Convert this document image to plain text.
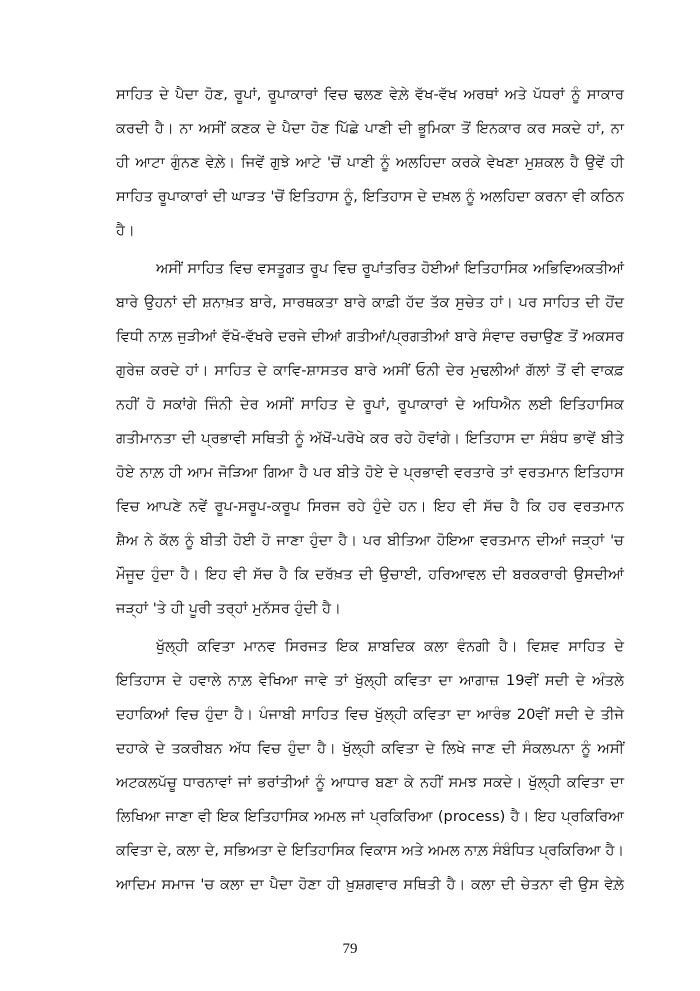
ਸਾਹਿਤ ਦੇ ਪੈਦਾ ਹੋਣ, ਰੂਪਾਂ, ਰੂਪਾਕਾਰਾਂ ਵਿਚ ਢਲਣ ਵੇਲ਼ੇ ਵੱਖ-ਵੱਖ ਅਰਥਾਂ ਅਤੇ ਪੱਧਰਾਂ ਨੂੰ ਸਾਕਾਰ
ਕਰਦੀ ਹੈ। ਨਾ ਅਸੀਂ ਕਣਕ ਦੇ ਪੈਦਾ ਹੋਣ ਪਿੱਛੇ ਪਾਣੀ ਦੀ ਭੂਮਿਕਾ ਤੋਂ ਇਨਕਾਰ ਕਰ ਸਕਦੇ ਹਾਂ, ਨਾ
ਹੀ ਆਟਾ ਗੁੰਨਣ ਵੇਲ਼ੇ। ਜਿਵੇਂ ਗੁਝੇ ਆਟੇ 'ਚੋਂ ਪਾਣੀ ਨੂੰ ਅਲਹਿਦਾ ਕਰਕੇ ਵੇਖਣਾ ਮੁਸ਼ਕਲ ਹੈ ਉਵੇਂ ਹੀ
ਸਾਹਿਤ ਰੂਪਾਕਾਰਾਂ ਦੀ ਘਾੜਤ 'ਚੋਂ ਇਤਿਹਾਸ ਨੂੰ, ਇਤਿਹਾਸ ਦੇ ਦਖ਼ਲ ਨੂੰ ਅਲਹਿਦਾ ਕਰਨਾ ਵੀ ਕਠਿਨ
ਹੈ।
ਅਸੀਂ ਸਾਹਿਤ ਵਿਚ ਵਸਤੂਗਤ ਰੂਪ ਵਿਚ ਰੂਪਾਂਤਰਿਤ ਹੋਈਆਂ ਇਤਿਹਾਸਿਕ ਅਭਿਵਿਅਕਤੀਆਂ
ਬਾਰੇ ਉਹਨਾਂ ਦੀ ਸ਼ਨਾਖ਼ਤ ਬਾਰੇ, ਸਾਰਥਕਤਾ ਬਾਰੇ ਕਾਫ਼ੀ ਹੱਦ ਤੱਕ ਸੁਚੇਤ ਹਾਂ। ਪਰ ਸਾਹਿਤ ਦੀ ਹੋਂਦ
ਵਿਧੀ ਨਾਲ਼ ਜੁੜੀਆਂ ਵੱਖੋ-ਵੱਖਰੇ ਦਰਜੇ ਦੀਆਂ ਗਤੀਆਂ/ਪ੍ਰਗਤੀਆਂ ਬਾਰੇ ਸੰਵਾਦ ਰਚਾਉਣ ਤੋਂ ਅਕਸਰ
ਗੁਰੇਜ਼ ਕਰਦੇ ਹਾਂ। ਸਾਹਿਤ ਦੇ ਕਾਵਿ-ਸ਼ਾਸਤਰ ਬਾਰੇ ਅਸੀਂ ਓਨੀ ਦੇਰ ਮੁਢਲੀਆਂ ਗੱਲਾਂ ਤੋਂ ਵੀ ਵਾਕਫ਼
ਨਹੀਂ ਹੋ ਸਕਾਂਗੇ ਜਿੰਨੀ ਦੇਰ ਅਸੀਂ ਸਾਹਿਤ ਦੇ ਰੂਪਾਂ, ਰੂਪਾਕਾਰਾਂ ਦੇ ਅਧਿਐਨ ਲਈ ਇਤਿਹਾਸਿਕ
ਗਤੀਮਾਨਤਾ ਦੀ ਪ੍ਰਭਾਵੀ ਸਥਿਤੀ ਨੂੰ ਅੱਖੋਂ-ਪਰੋਖੇ ਕਰ ਰਹੇ ਹੋਵਾਂਗੇ। ਇਤਿਹਾਸ ਦਾ ਸੰਬੰਧ ਭਾਵੇਂ ਬੀਤੇ
ਹੋਏ ਨਾਲ਼ ਹੀ ਆਮ ਜੋੜਿਆ ਗਿਆ ਹੈ ਪਰ ਬੀਤੇ ਹੋਏ ਦੇ ਪ੍ਰਭਾਵੀ ਵਰਤਾਰੇ ਤਾਂ ਵਰਤਮਾਨ ਇਤਿਹਾਸ
ਵਿਚ ਆਪਣੇ ਨਵੇਂ ਰੂਪ-ਸਰੂਪ-ਕਰੂਪ ਸਿਰਜ ਰਹੇ ਹੁੰਦੇ ਹਨ। ਇਹ ਵੀ ਸੱਚ ਹੈ ਕਿ ਹਰ ਵਰਤਮਾਨ
ਸ਼ੈਅ ਨੇ ਕੱਲ ਨੂੰ ਬੀਤੀ ਹੋਈ ਹੋ ਜਾਣਾ ਹੁੰਦਾ ਹੈ। ਪਰ ਬੀਤਿਆ ਹੋਇਆ ਵਰਤਮਾਨ ਦੀਆਂ ਜੜ੍ਹਾਂ 'ਚ
ਮੌਜੂਦ ਹੁੰਦਾ ਹੈ। ਇਹ ਵੀ ਸੱਚ ਹੈ ਕਿ ਦਰੱਖ਼ਤ ਦੀ ਉਚਾਈ, ਹਰਿਆਵਲ ਦੀ ਬਰਕਰਾਰੀ ਉਸਦੀਆਂ
ਜੜ੍ਹਾਂ 'ਤੇ ਹੀ ਪੂਰੀ ਤਰ੍ਹਾਂ ਮੁਨੱਸਰ ਹੁੰਦੀ ਹੈ।
ਖੁੱਲ੍ਹੀ ਕਵਿਤਾ ਮਾਨਵ ਸਿਰਜਤ ਇਕ ਸ਼ਾਬਦਿਕ ਕਲਾ ਵੰਨਗੀ ਹੈ। ਵਿਸ਼ਵ ਸਾਹਿਤ ਦੇ
ਇਤਿਹਾਸ ਦੇ ਹਵਾਲੇ ਨਾਲ਼ ਵੇਖਿਆ ਜਾਵੇ ਤਾਂ ਖੁੱਲ੍ਹੀ ਕਵਿਤਾ ਦਾ ਆਗਾਜ਼ 19ਵੀਂ ਸਦੀ ਦੇ ਅੰਤਲੇ
ਦਹਾਕਿਆਂ ਵਿਚ ਹੁੰਦਾ ਹੈ। ਪੰਜਾਬੀ ਸਾਹਿਤ ਵਿਚ ਖੁੱਲ੍ਹੀ ਕਵਿਤਾ ਦਾ ਆਰੰਭ 20ਵੀਂ ਸਦੀ ਦੇ ਤੀਜੇ
ਦਹਾਕੇ ਦੇ ਤਕਰੀਬਨ ਅੱਧ ਵਿਚ ਹੁੰਦਾ ਹੈ। ਖੁੱਲ੍ਹੀ ਕਵਿਤਾ ਦੇ ਲਿਖੇ ਜਾਣ ਦੀ ਸੰਕਲਪਨਾ ਨੂੰ ਅਸੀਂ
ਅਟਕਲਪੱਚੂ ਧਾਰਨਾਵਾਂ ਜਾਂ ਭਰਾਂਤੀਆਂ ਨੂੰ ਆਧਾਰ ਬਣਾ ਕੇ ਨਹੀਂ ਸਮਝ ਸਕਦੇ। ਖੁੱਲ੍ਹੀ ਕਵਿਤਾ ਦਾ
ਲਿਖਿਆ ਜਾਣਾ ਵੀ ਇਕ ਇਤਿਹਾਸਿਕ ਅਮਲ ਜਾਂ ਪ੍ਰਕਿਰਿਆ (process) ਹੈ। ਇਹ ਪ੍ਰਕਿਰਿਆ
ਕਵਿਤਾ ਦੇ, ਕਲਾ ਦੇ, ਸਭਿਅਤਾ ਦੇ ਇਤਿਹਾਸਿਕ ਵਿਕਾਸ ਅਤੇ ਅਮਲ ਨਾਲ਼ ਸੰਬੰਧਿਤ ਪ੍ਰਕਿਰਿਆ ਹੈ।
ਆਦਿਮ ਸਮਾਜ 'ਚ ਕਲਾ ਦਾ ਪੈਦਾ ਹੋਣਾ ਹੀ ਖ਼ੁਸ਼ਗਵਾਰ ਸਥਿਤੀ ਹੈ। ਕਲਾ ਦੀ ਚੇਤਨਾ ਵੀ ਉਸ ਵੇਲ਼ੇ
79
